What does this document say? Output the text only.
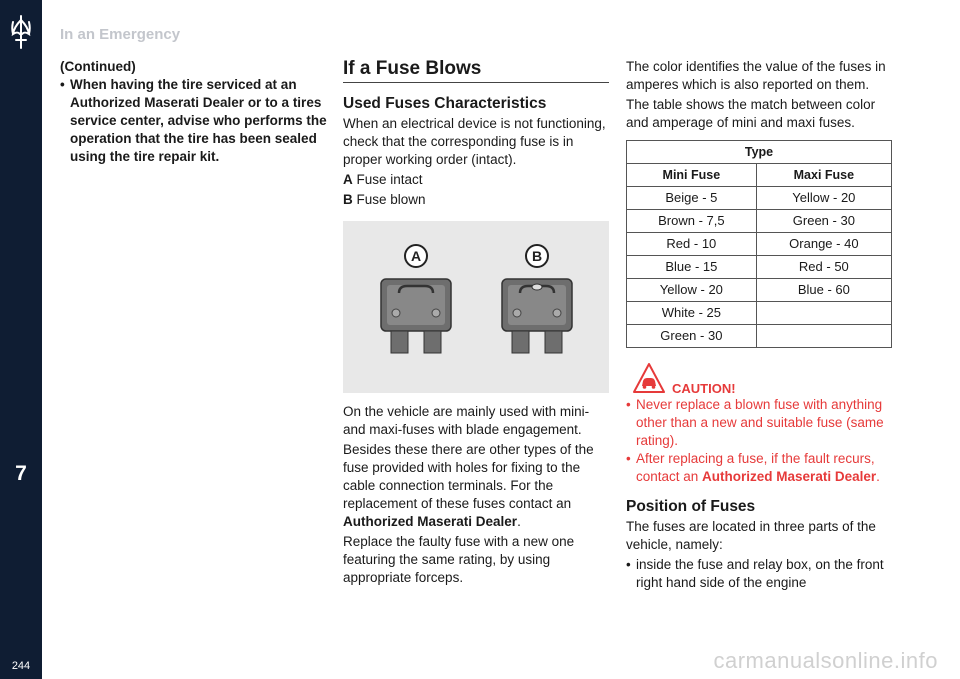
7
244
In an Emergency
(Continued)
• When having the tire serviced at an Authorized Maserati Dealer or to a tires service center, advise who performs the operation that the tire has been sealed using the tire repair kit.
If a Fuse Blows
Used Fuses Characteristics

When an electrical device is not functioning, check that the corresponding fuse is in proper working order (intact).

A Fuse intact

B Fuse blown

A	B

On the vehicle are mainly used with mini-and maxi-fuses with blade engagement.

Besides these there are other types of the fuse provided with holes for fixing to the cable connection terminals. For the replacement of these fuses contact an Authorized Maserati Dealer.

Replace the faulty fuse with a new one featuring the same rating, by using appropriate forceps.

The color identifies the value of the fuses in amperes which is also reported on them.

The table shows the match between color and amperage of mini and maxi fuses.

Type	
Mini Fuse	Maxi Fuse
Beige - 5	Yellow - 20
Brown - 7,5	Green - 30
Red - 10	Orange - 40
Blue - 15	Red - 50
Yellow - 20	Blue - 60
White - 25	
Green - 30	
CAUTION!
• Never replace a blown fuse with anything other than a new and suitable fuse (same rating).
• After replacing a fuse, if the fault recurs, contact an Authorized Maserati Dealer.
Position of Fuses

The fuses are located in three parts of the vehicle, namely:

• inside the fuse and relay box, on the front right hand side of the engine
carmanualsonline.info
